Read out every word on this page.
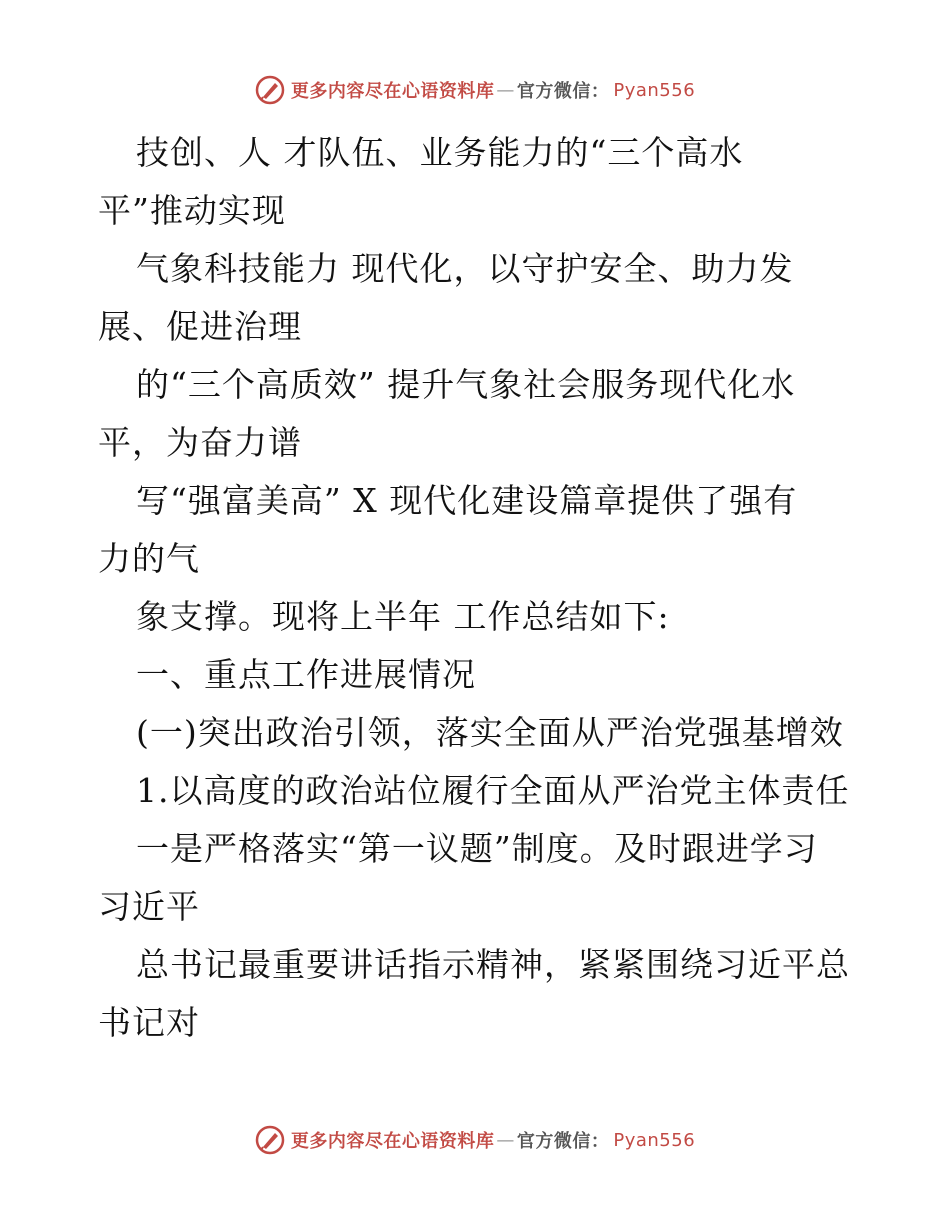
更多内容尽在心语资料库 — 官方微信： Pyan556
技创、人 才队伍、业务能力的“三个高水
平”推动实现
气象科技能力 现代化，以守护安全、助力发
展、促进治理
的“三个高质效” 提升气象社会服务现代化水
平，为奋力谱
写“强富美高” X 现代化建设篇章提供了强有
力的气
象支撑。现将上半年 工作总结如下:
一、重点工作进展情况
(一)突出政治引领，落实全面从严治党强基增效
1.以高度的政治站位履行全面从严治党主体责任
一是严格落实“第一议题”制度。及时跟进学习
习近平
总书记最重要讲话指示精神，紧紧围绕习近平总
书记对
更多内容尽在心语资料库 — 官方微信： Pyan556
